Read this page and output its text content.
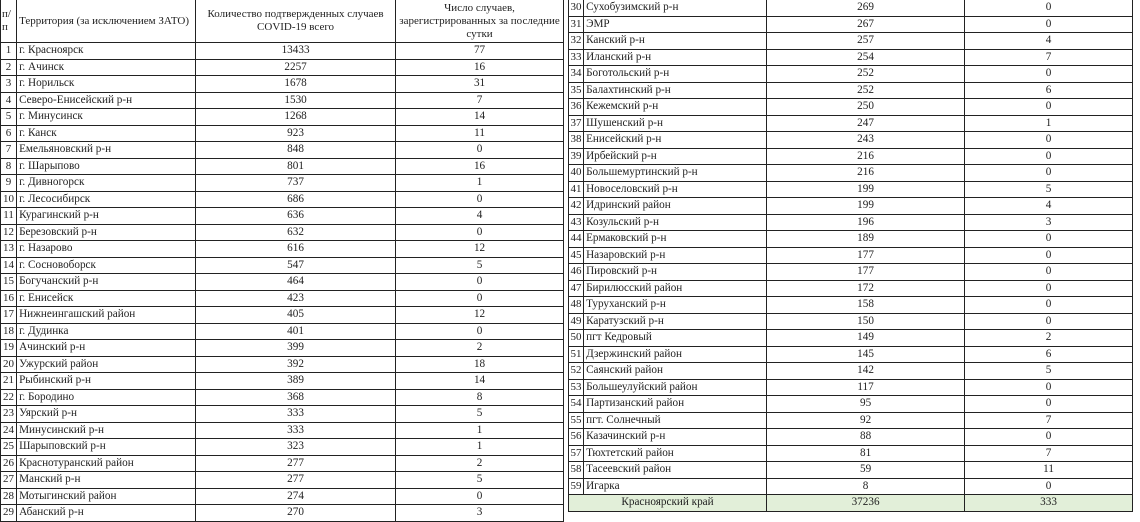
п/п	Территория (за исключением ЗАТО)	Количество подтвержденных случаев COVID-19 всего	Число случаев, зарегистрированных за последние сутки
1	г. Красноярск	13433	77
2	г. Ачинск	2257	16
3	г. Норильск	1678	31
4	Северо-Енисейский р-н	1530	7
5	г. Минусинск	1268	14
6	г. Канск	923	11
7	Емельяновский р-н	848	0
8	г. Шарыпово	801	16
9	г. Дивногорск	737	1
10	г. Лесосибирск	686	0
11	Курагинский р-н	636	4
12	Березовский р-н	632	0
13	г. Назарово	616	12
14	г. Сосновоборск	547	5
15	Богучанский р-н	464	0
16	г. Енисейск	423	0
17	Нижнеингашский район	405	12
18	г. Дудинка	401	0
19	Ачинский р-н	399	2
20	Ужурский район	392	18
21	Рыбинский р-н	389	14
22	г. Бородино	368	8
23	Уярский р-н	333	5
24	Минусинский р-н	333	1
25	Шарыповский р-н	323	1
26	Краснотуранский район	277	2
27	Манский р-н	277	5
28	Мотыгинский район	274	0
29	Абанский р-н	270	3
30	Сухобузимский р-н	269	0
31	ЭМР	267	0
32	Канский р-н	257	4
33	Иланский р-н	254	7
34	Боготольский р-н	252	0
35	Балахтинский р-н	252	6
36	Кежемский р-н	250	0
37	Шушенский р-н	247	1
38	Енисейский р-н	243	0
39	Ирбейский р-н	216	0
40	Большемуртинский р-н	216	0
41	Новоселовский р-н	199	5
42	Идринский район	199	4
43	Козульский р-н	196	3
44	Ермаковский р-н	189	0
45	Назаровский р-н	177	0
46	Пировский р-н	177	0
47	Бирилюсский район	172	0
48	Туруханский р-н	158	0
49	Каратузский р-н	150	0
50	пгт Кедровый	149	2
51	Дзержинский район	145	6
52	Саянский район	142	5
53	Большеулуйский район	117	0
54	Партизанский район	95	0
55	пгт. Солнечный	92	7
56	Казачинский р-н	88	0
57	Тюхтетский район	81	7
58	Тасеевский район	59	11
59	Игарка	8	0
Красноярский край		37236	333
